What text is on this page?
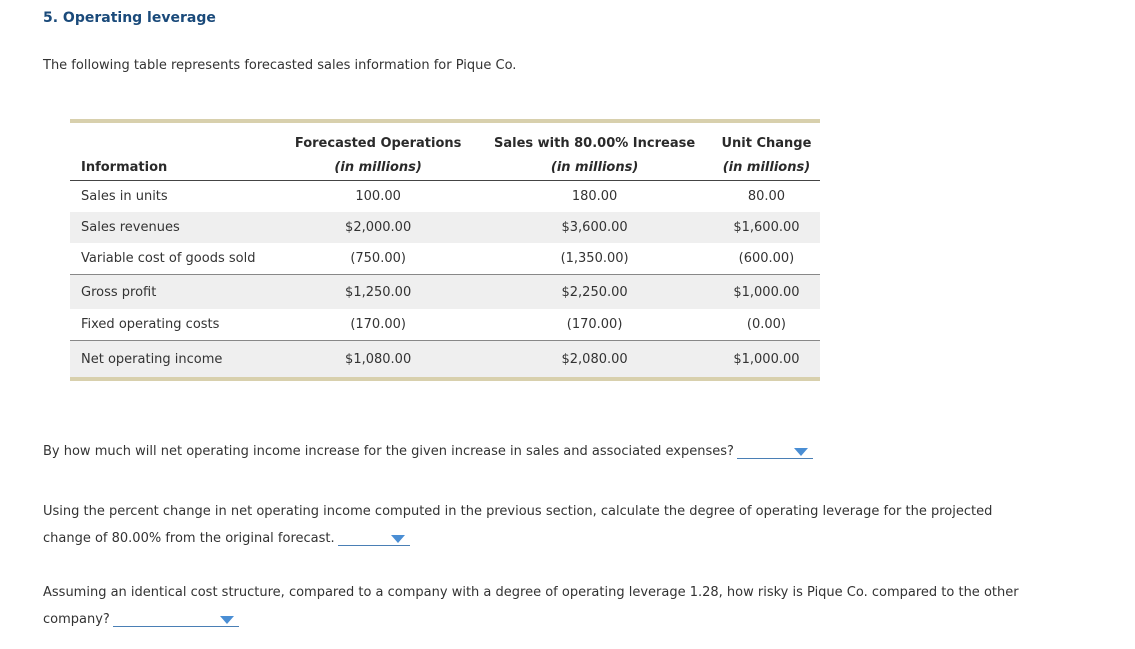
5. Operating leverage
The following table represents forecasted sales information for Pique Co.
	Forecasted Operations	Sales with 80.00% Increase	Unit Change
Information	(in millions)	(in millions)	(in millions)
Sales in units	100.00	180.00	80.00
Sales revenues	$2,000.00	$3,600.00	$1,600.00
Variable cost of goods sold	(750.00)	(1,350.00)	(600.00)
Gross profit	$1,250.00	$2,250.00	$1,000.00
Fixed operating costs	(170.00)	(170.00)	(0.00)
Net operating income	$1,080.00	$2,080.00	$1,000.00
By how much will net operating income increase for the given increase in sales and associated expenses?
Using the percent change in net operating income computed in the previous section, calculate the degree of operating leverage for the projected
change of 80.00% from the original forecast.
Assuming an identical cost structure, compared to a company with a degree of operating leverage 1.28, how risky is Pique Co. compared to the other
company?
